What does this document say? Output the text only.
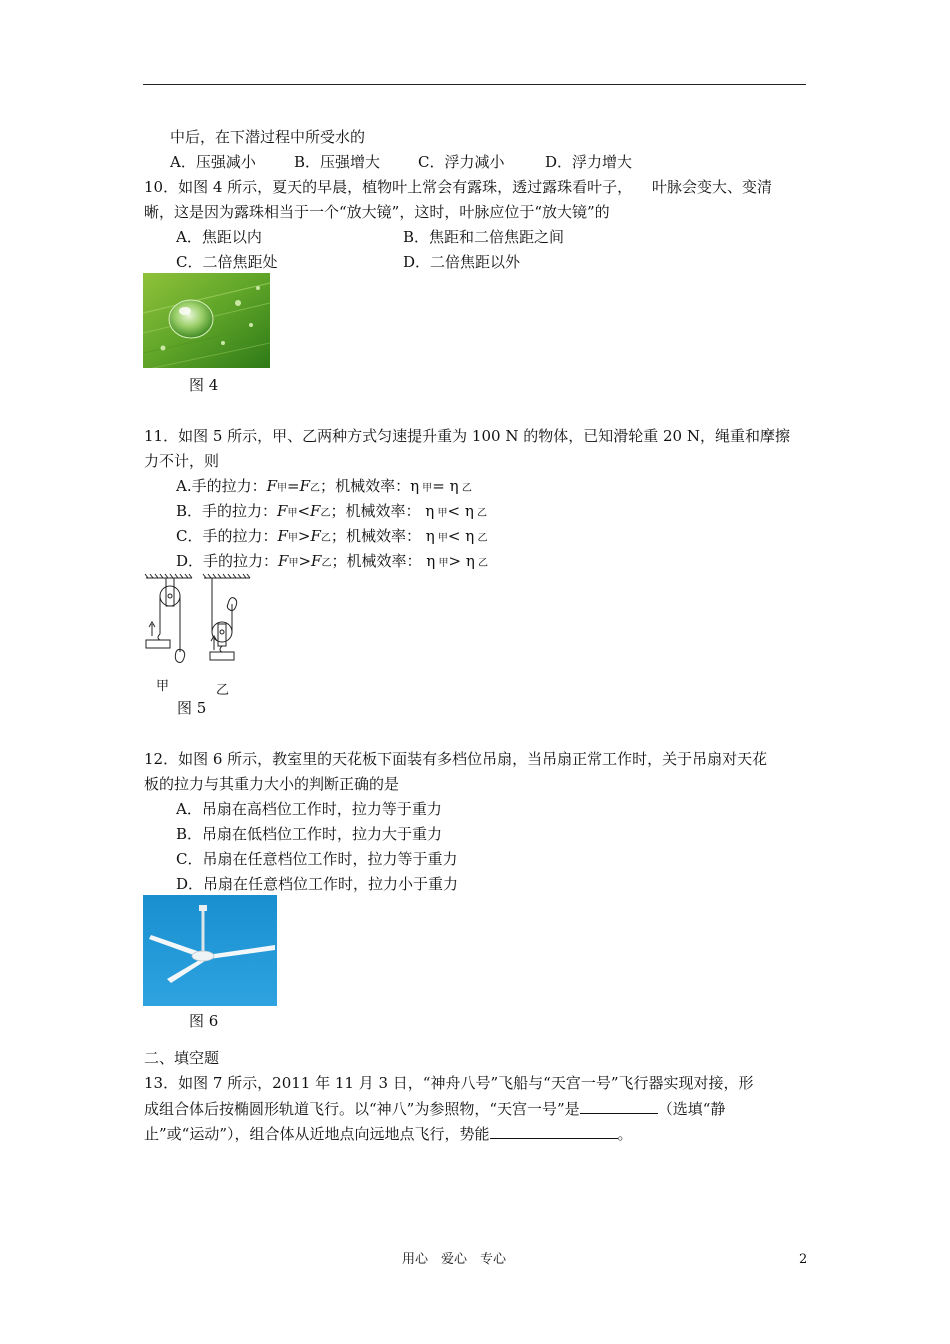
中后，在下潜过程中所受水的
A．压强减小	B．压强增大	C．浮力减小	D．浮力增大
10．如图 4 所示，夏天的早晨，植物叶上常会有露珠，透过露珠看叶子， 叶脉会变大、变清
晰，这是因为露珠相当于一个“放大镜”，这时，叶脉应位于“放大镜”的
A．焦距以内	B．焦距和二倍焦距之间
C．二倍焦距处	D．二倍焦距以外
图 4
11．如图 5 所示，甲、乙两种方式匀速提升重为 100 N 的物体，已知滑轮重 20 N，绳重和摩擦
力不计，则
A.手的拉力：F甲=F乙；机械效率：η 甲= η 乙
B．手的拉力：F甲<F乙；机械效率： η 甲< η 乙
C．手的拉力：F甲>F乙；机械效率： η 甲< η 乙
D．手的拉力：F甲>F乙；机械效率： η 甲> η 乙
甲	乙
图 5
12．如图 6 所示，教室里的天花板下面装有多档位吊扇，当吊扇正常工作时，关于吊扇对天花
板的拉力与其重力大小的判断正确的是
A．吊扇在高档位工作时，拉力等于重力
B．吊扇在低档位工作时，拉力大于重力
C．吊扇在任意档位工作时，拉力等于重力
D．吊扇在任意档位工作时，拉力小于重力
图 6
二、填空题
13．如图 7 所示，2011 年 11 月 3 日，“神舟八号”飞船与“天宫一号”飞行器实现对接，形
成组合体后按椭圆形轨道飞行。以“神八”为参照物，“天宫一号”是	（选填“静
止”或“运动”），组合体从近地点向远地点飞行，势能	。
用心　爱心　专心	2
